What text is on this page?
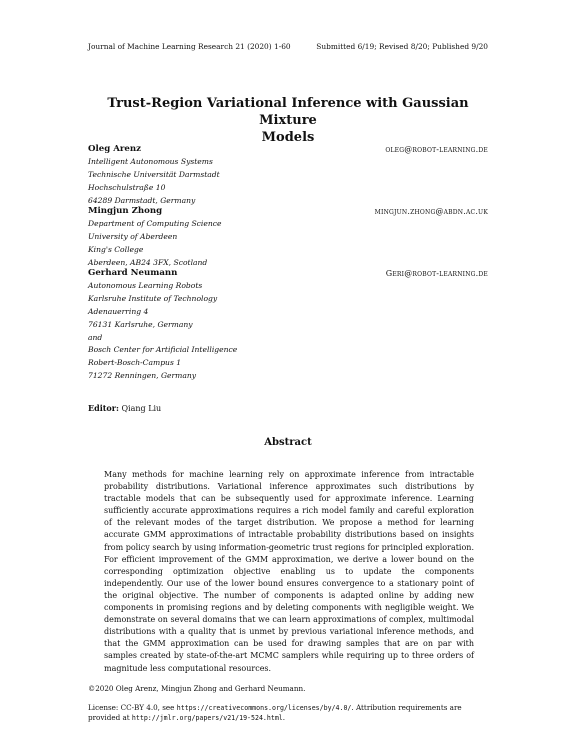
Journal of Machine Learning Research 21 (2020) 1-60	Submitted 6/19; Revised 8/20; Published 9/20
Trust-Region Variational Inference with Gaussian Mixture
Models
Oleg Arenz	oleg@robot-learning.de
Intelligent Autonomous Systems
Technische Universität Darmstadt
Hochschulstraße 10
64289 Darmstadt, Germany
Mingjun Zhong	mingjun.zhong@abdn.ac.uk
Department of Computing Science
University of Aberdeen
King's College
Aberdeen, AB24 3FX, Scotland
Gerhard Neumann	Geri@robot-learning.de
Autonomous Learning Robots
Karlsruhe Institute of Technology
Adenauerring 4
76131 Karlsruhe, Germany
and
Bosch Center for Artificial Intelligence
Robert-Bosch-Campus 1
71272 Renningen, Germany
Editor: Qiang Liu
Abstract
Many methods for machine learning rely on approximate inference from intractable probability distributions. Variational inference approximates such distributions by tractable models that can be subsequently used for approximate inference. Learning sufficiently accurate approximations requires a rich model family and careful exploration of the relevant modes of the target distribution. We propose a method for learning accurate GMM approximations of intractable probability distributions based on insights from policy search by using information-geometric trust regions for principled exploration. For efficient improvement of the GMM approximation, we derive a lower bound on the corresponding optimization objective enabling us to update the components independently. Our use of the lower bound ensures convergence to a stationary point of the original objective. The number of components is adapted online by adding new components in promising regions and by deleting components with negligible weight. We demonstrate on several domains that we can learn approximations of complex, multimodal distributions with a quality that is unmet by previous variational inference methods, and that the GMM approximation can be used for drawing samples that are on par with samples created by state-of-the-art MCMC samplers while requiring up to three orders of magnitude less computational resources.
©2020 Oleg Arenz, Mingjun Zhong and Gerhard Neumann.
License: CC-BY 4.0, see https://creativecommons.org/licenses/by/4.0/. Attribution requirements are provided at http://jmlr.org/papers/v21/19-524.html.
